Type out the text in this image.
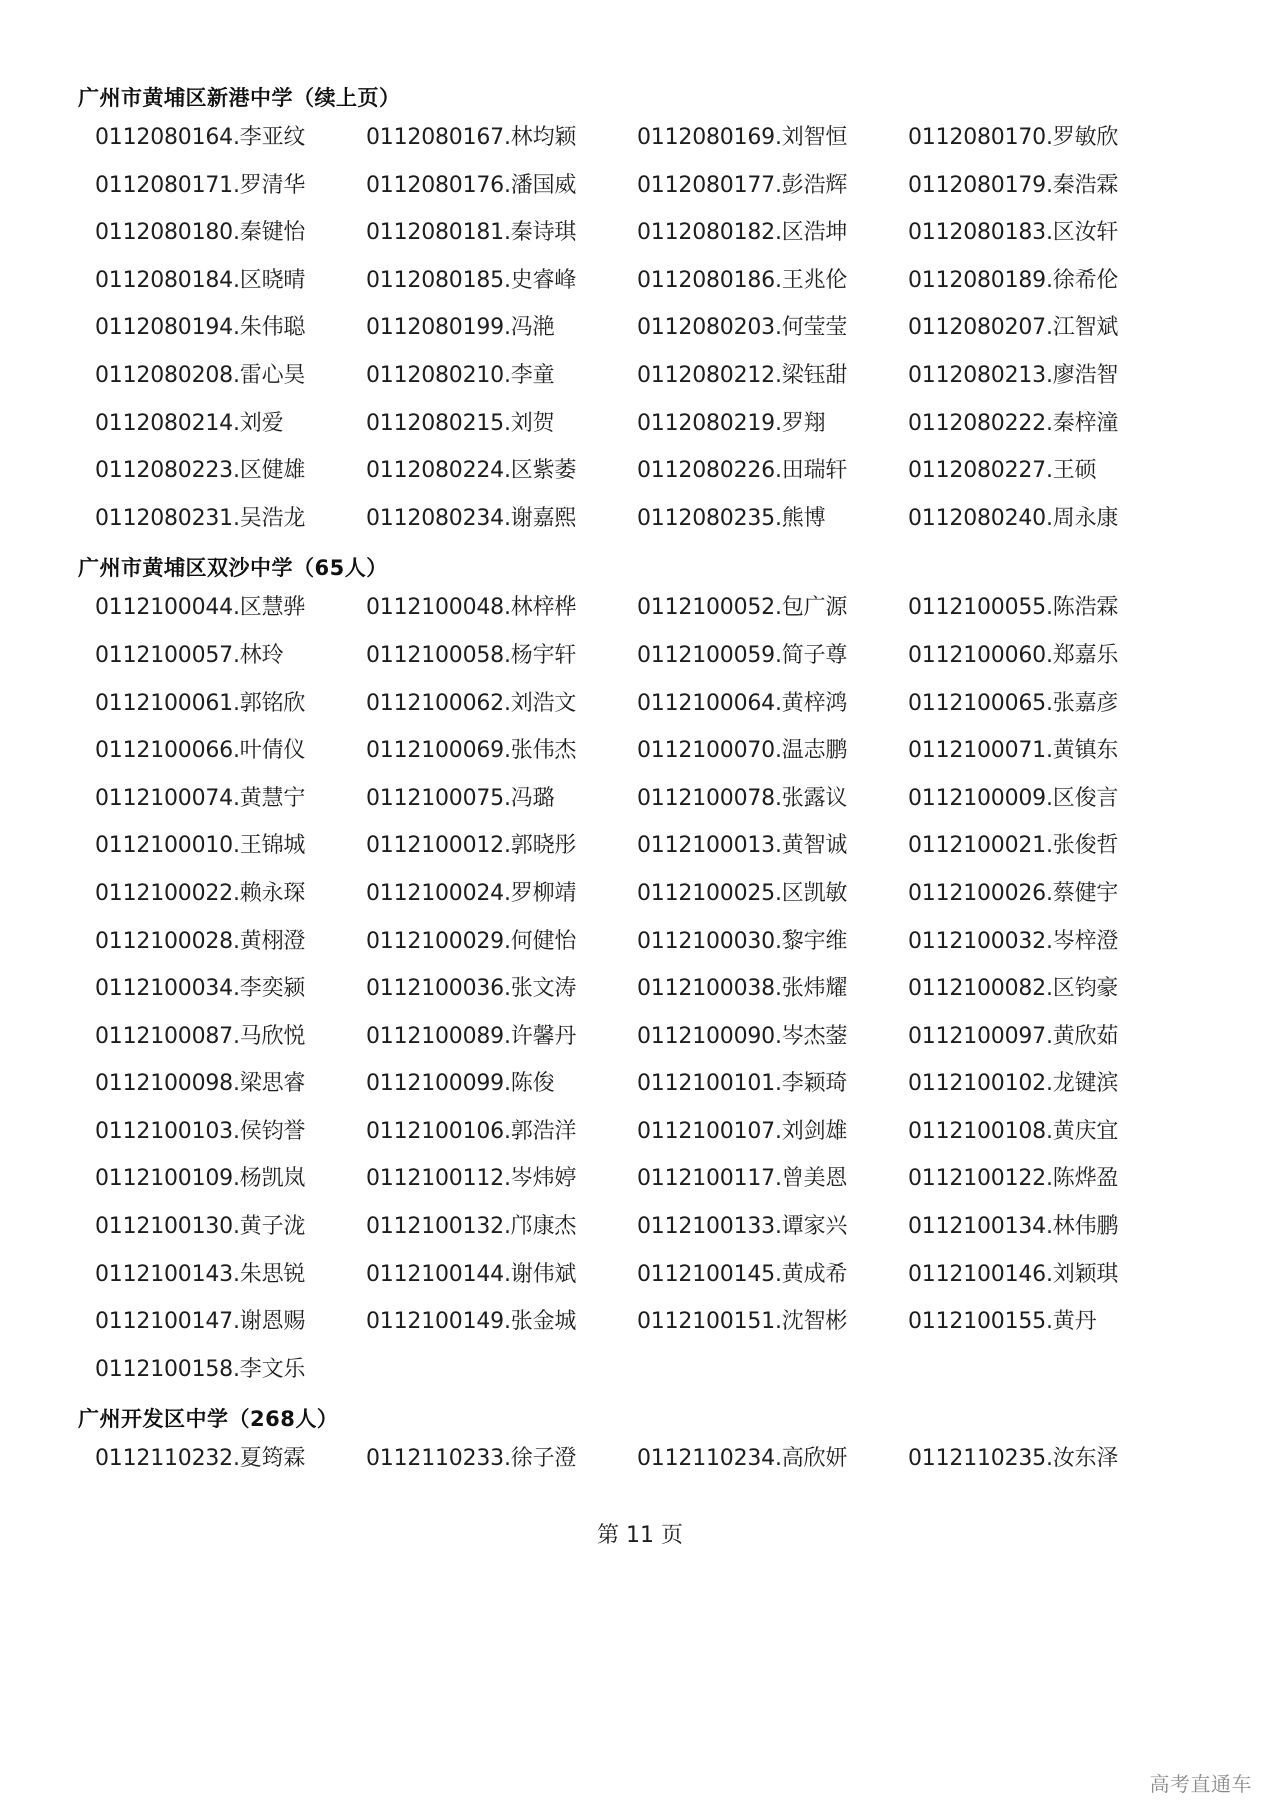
广州市黄埔区新港中学（续上页）
0112080164.李亚纹	0112080167.林均颖	0112080169.刘智恒	0112080170.罗敏欣
0112080171.罗清华	0112080176.潘国威	0112080177.彭浩辉	0112080179.秦浩霖
0112080180.秦键怡	0112080181.秦诗琪	0112080182.区浩坤	0112080183.区汝轩
0112080184.区晓晴	0112080185.史睿峰	0112080186.王兆伦	0112080189.徐希伦
0112080194.朱伟聪	0112080199.冯滟	0112080203.何莹莹	0112080207.江智斌
0112080208.雷心昊	0112080210.李童	0112080212.梁钰甜	0112080213.廖浩智
0112080214.刘爱	0112080215.刘贺	0112080219.罗翔	0112080222.秦梓潼
0112080223.区健雄	0112080224.区紫萎	0112080226.田瑞轩	0112080227.王硕
0112080231.吴浩龙	0112080234.谢嘉熙	0112080235.熊博	0112080240.周永康
广州市黄埔区双沙中学（65人）
0112100044.区慧骅	0112100048.林梓桦	0112100052.包广源	0112100055.陈浩霖
0112100057.林玲	0112100058.杨宇轩	0112100059.简子尊	0112100060.郑嘉乐
0112100061.郭铭欣	0112100062.刘浩文	0112100064.黄梓鸿	0112100065.张嘉彦
0112100066.叶倩仪	0112100069.张伟杰	0112100070.温志鹏	0112100071.黄镇东
0112100074.黄慧宁	0112100075.冯璐	0112100078.张露议	0112100009.区俊言
0112100010.王锦城	0112100012.郭晓彤	0112100013.黄智诚	0112100021.张俊哲
0112100022.赖永琛	0112100024.罗柳靖	0112100025.区凯敏	0112100026.蔡健宇
0112100028.黄栩澄	0112100029.何健怡	0112100030.黎宇维	0112100032.岑梓澄
0112100034.李奕颍	0112100036.张文涛	0112100038.张炜耀	0112100082.区钧豪
0112100087.马欣悦	0112100089.许馨丹	0112100090.岑杰蓥	0112100097.黄欣茹
0112100098.梁思睿	0112100099.陈俊	0112100101.李颖琦	0112100102.龙键滨
0112100103.侯钧誉	0112100106.郭浩洋	0112100107.刘剑雄	0112100108.黄庆宜
0112100109.杨凯岚	0112100112.岑炜婷	0112100117.曾美恩	0112100122.陈烨盈
0112100130.黄子泷	0112100132.邝康杰	0112100133.谭家兴	0112100134.林伟鹏
0112100143.朱思锐	0112100144.谢伟斌	0112100145.黄成希	0112100146.刘颖琪
0112100147.谢恩赐	0112100149.张金城	0112100151.沈智彬	0112100155.黄丹
0112100158.李文乐
广州开发区中学（268人）
0112110232.夏筠霖	0112110233.徐子澄	0112110234.高欣妍	0112110235.汝东泽
第 11 页
高考直通车
